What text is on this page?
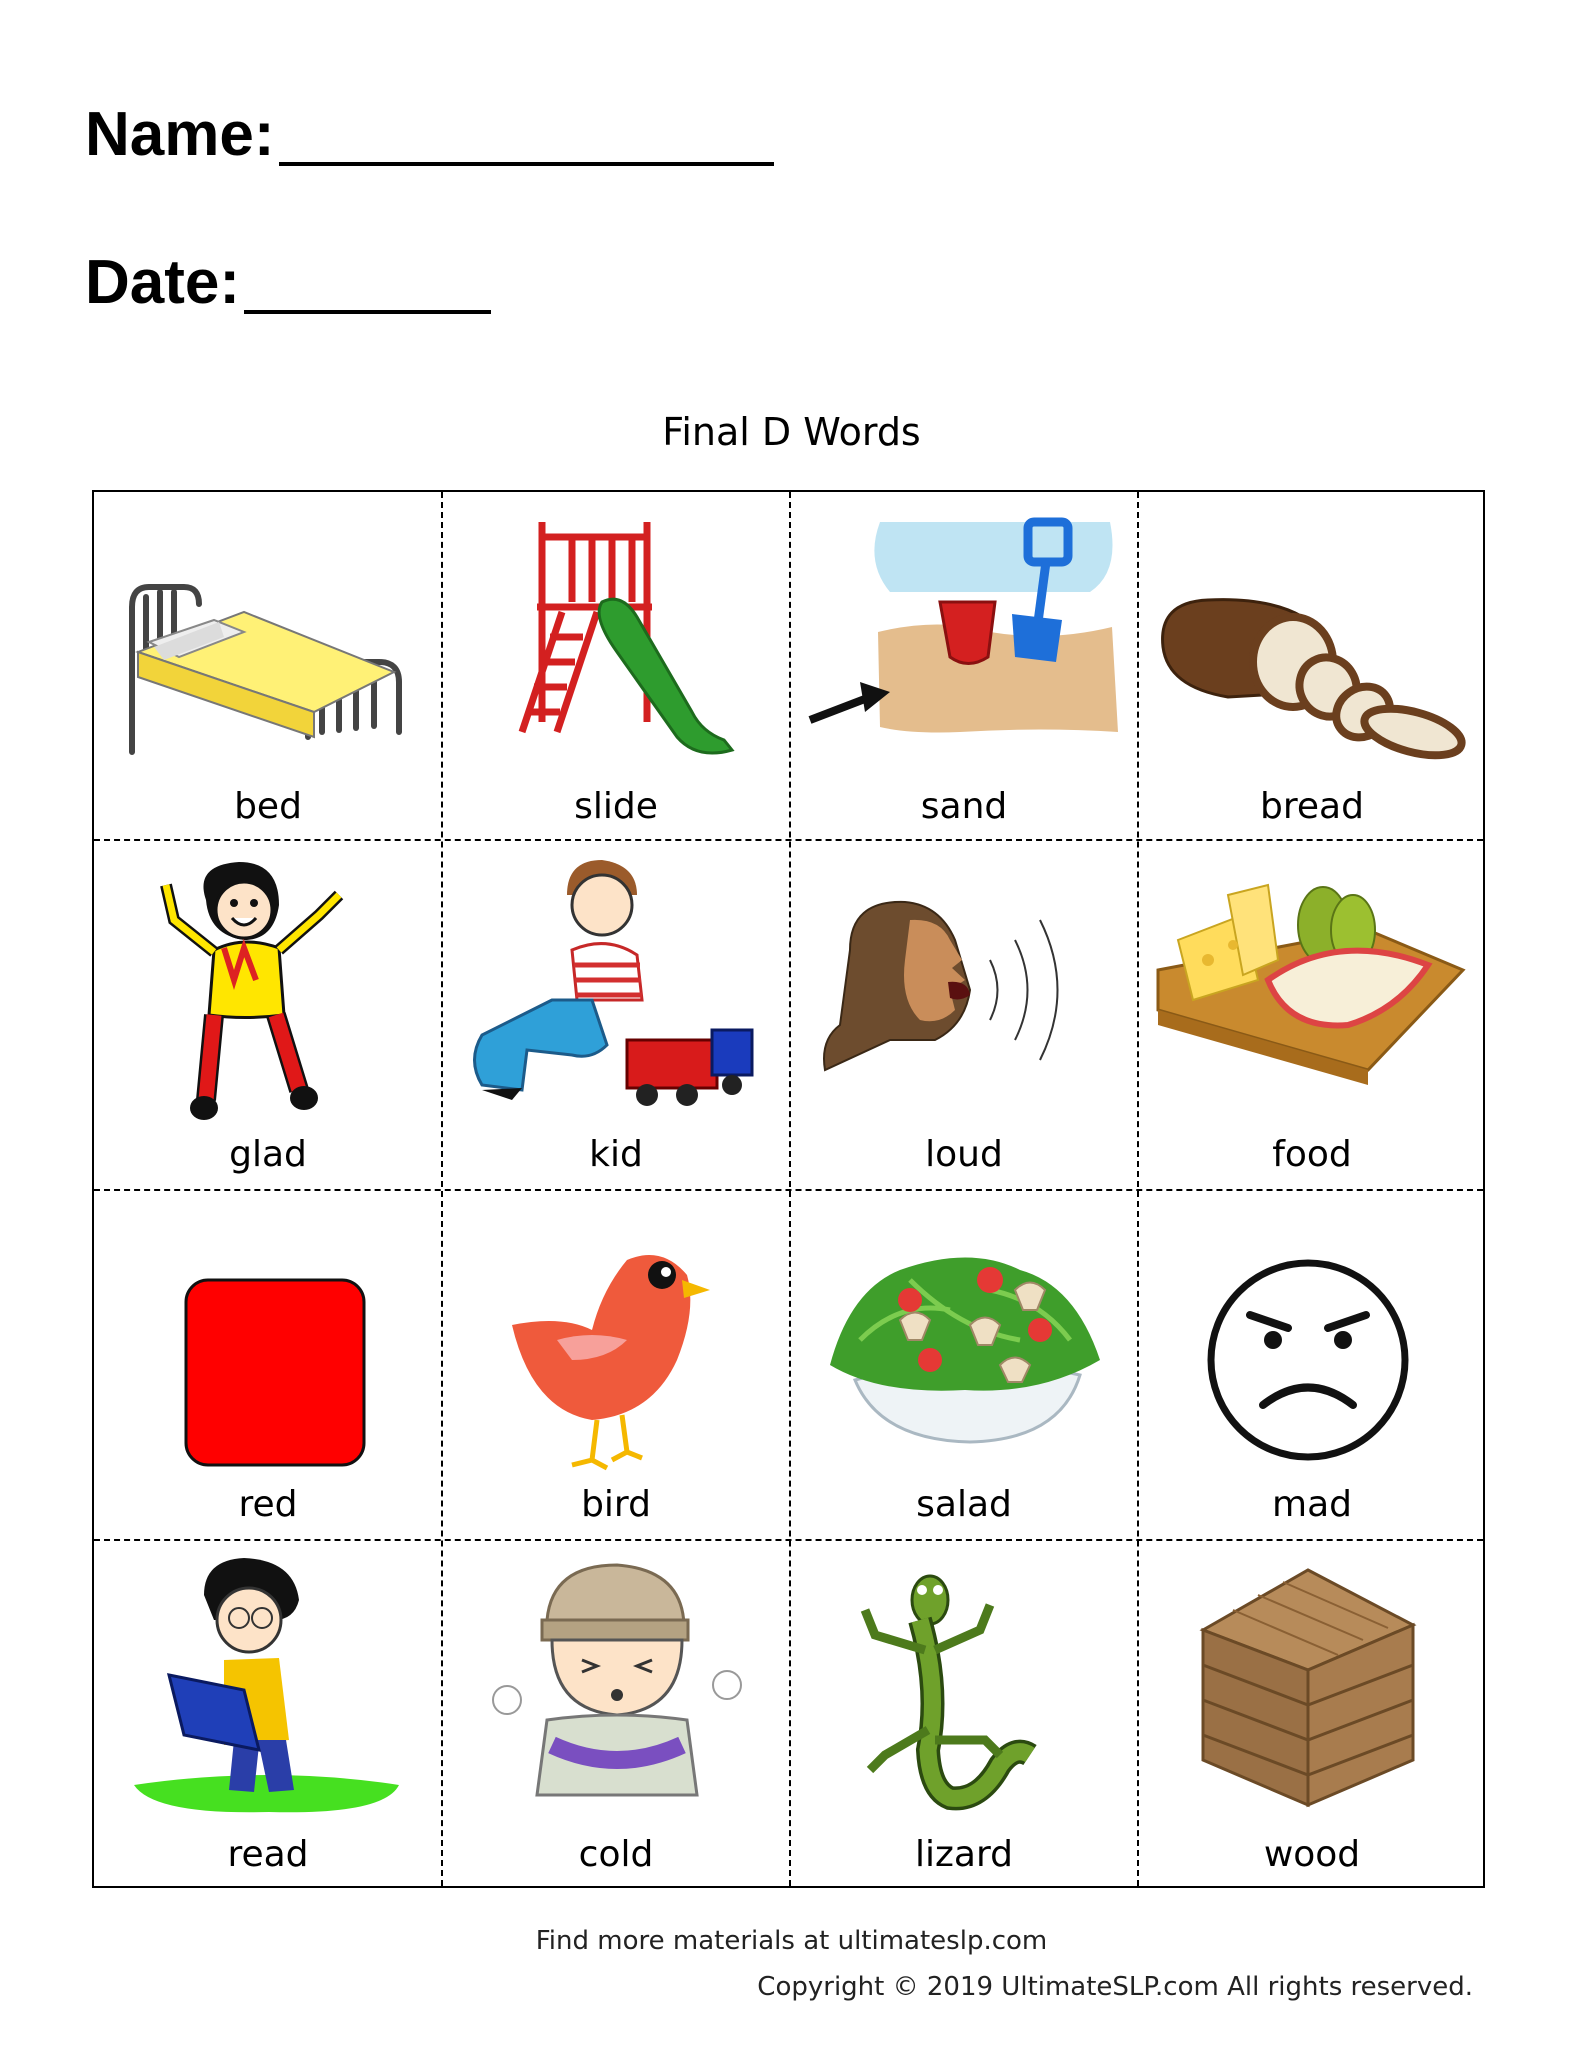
Name:
Date:
Final D Words
bed	slide	sand	bread
glad	kid	loud	food
red	bird	salad	mad
read	cold	lizard	wood
Find more materials at ultimateslp.com
Copyright © 2019 UltimateSLP.com All rights reserved.
